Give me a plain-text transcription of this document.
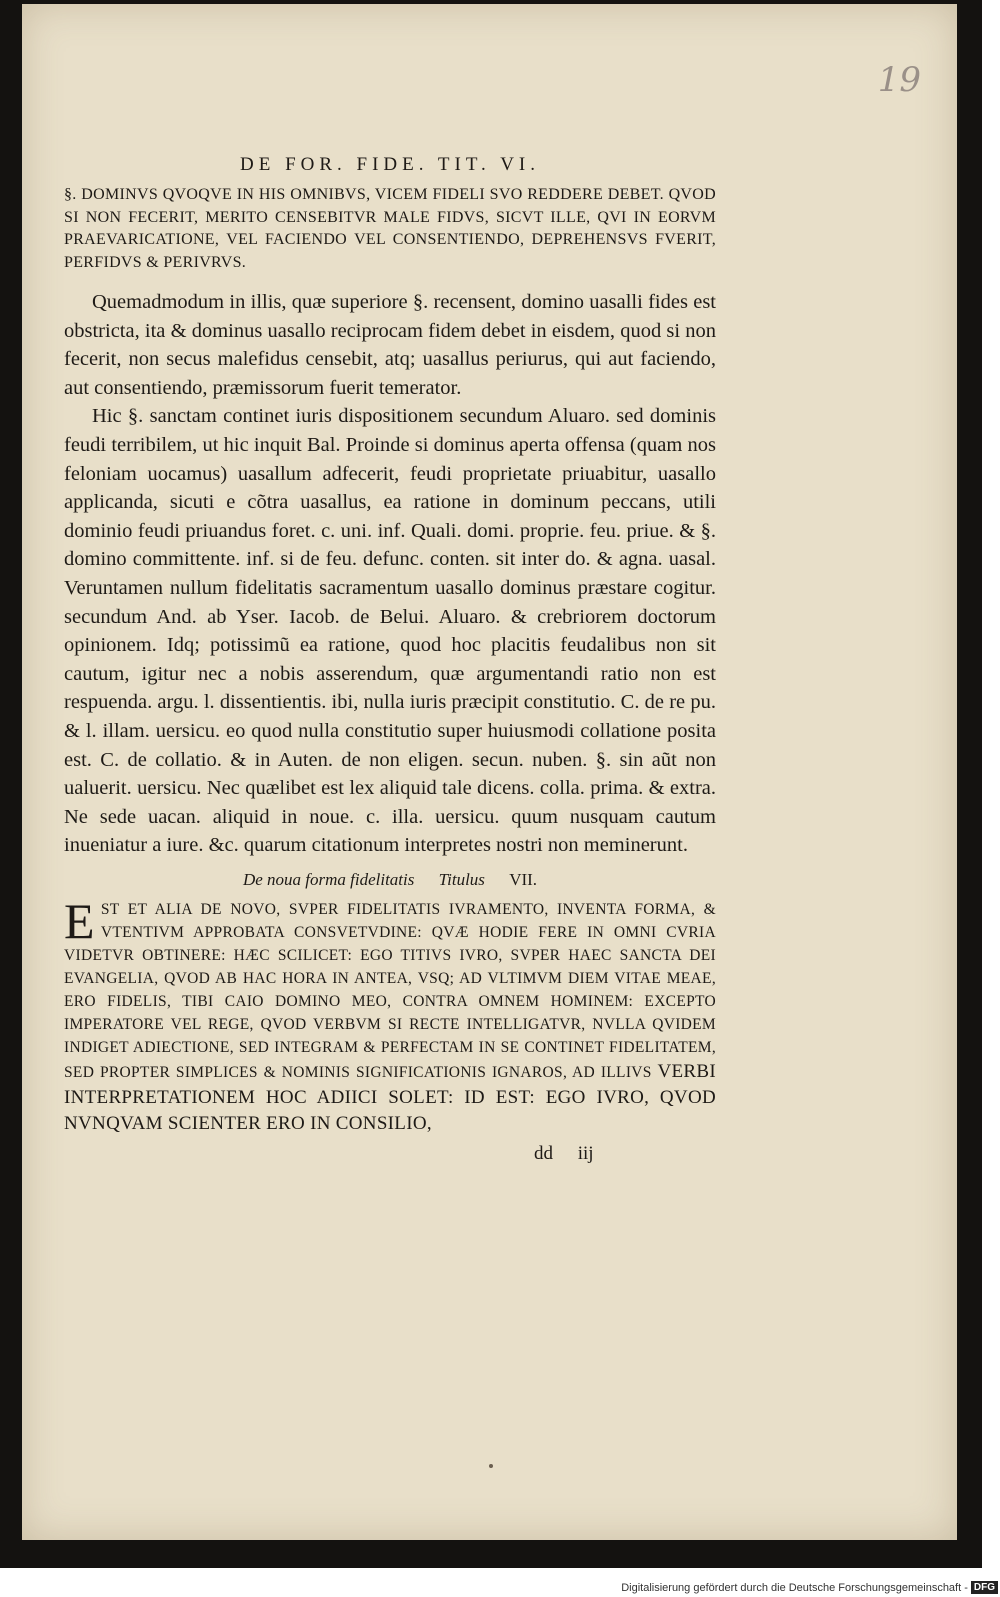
19
DE FOR. FIDE. TIT. VI.

§. DOMINVS QVOQVE IN HIS OMNIBVS, VICEM FIDELI SVO REDDERE DEBET. QVOD SI NON FECERIT, MERITO CENSEBITVR MALE FIDVS, SICVT ILLE, QVI IN EORVM PRAEVARICATIONE, VEL FACIENDO VEL CONSENTIENDO, DEPREHENSVS FVERIT, PERFIDVS & PERIVRVS.

Quemadmodum in illis, quæ superiore §. recensent, domino uasalli fides est obstricta, ita & dominus uasallo reciprocam fidem debet in eisdem, quod si non fecerit, non secus malefidus censebit, atq; uasallus periurus, qui aut faciendo, aut consentiendo, præmissorum fuerit temerator.

Hic §. sanctam continet iuris dispositionem secundum Aluaro. sed dominis feudi terribilem, ut hic inquit Bal. Proinde si dominus aperta offensa (quam nos feloniam uocamus) uasallum adfecerit, feudi proprietate priuabitur, uasallo applicanda, sicuti e cõtra uasallus, ea ratione in dominum peccans, utili dominio feudi priuandus foret. c. uni. inf. Quali. domi. proprie. feu. priue. & §. domino committente. inf. si de feu. defunc. conten. sit inter do. & agna. uasal. Veruntamen nullum fidelitatis sacramentum uasallo dominus præstare cogitur. secundum And. ab Yser. Iacob. de Belui. Aluaro. & crebriorem doctorum opinionem. Idq; potissimũ ea ratione, quod hoc placitis feudalibus non sit cautum, igitur nec a nobis asserendum, quæ argumentandi ratio non est respuenda. argu. l. dissentientis. ibi, nulla iuris præcipit constitutio. C. de re pu. & l. illam. uersicu. eo quod nulla constitutio super huiusmodi collatione posita est. C. de collatio. & in Auten. de non eligen. secun. nuben. §. sin aũt non ualuerit. uersicu. Nec quælibet est lex aliquid tale dicens. colla. prima. & extra. Ne sede uacan. aliquid in noue. c. illa. uersicu. quum nusquam cautum inueniatur a iure. &c. quarum citationum interpretes nostri non meminerunt.

De noua forma fidelitatis Titulus VII.

E ST ET ALIA DE NOVO, SVPER FIDELITATIS IVRAMENTO, INVENTA FORMA, & VTENTIVM APPROBATA CONSVETVDINE: QVÆ HODIE FERE IN OMNI CVRIA VIDETVR OBTINERE: HÆC SCILICET: EGO TITIVS IVRO, SVPER HAEC SANCTA DEI EVANGELIA, QVOD AB HAC HORA IN ANTEA, VSQ; AD VLTIMVM DIEM VITAE MEAE, ERO FIDELIS, TIBI CAIO DOMINO MEO, CONTRA OMNEM HOMINEM: EXCEPTO IMPERATORE VEL REGE, QVOD VERBVM SI RECTE INTELLIGATVR, NVLLA QVIDEM INDIGET ADIECTIONE, SED INTEGRAM & PERFECTAM IN SE CONTINET FIDELITATEM, SED PROPTER SIMPLICES & NOMINIS SIGNIFICATIONIS IGNAROS, AD ILLIVS VERBI INTERPRETATIONEM HOC ADIICI SOLET: ID EST: EGO IVRO, QVOD NVNQVAM SCIENTER ERO IN CONSILIO,

dd iij
Digitalisierung gefördert durch die Deutsche Forschungsgemeinschaft - DFG
